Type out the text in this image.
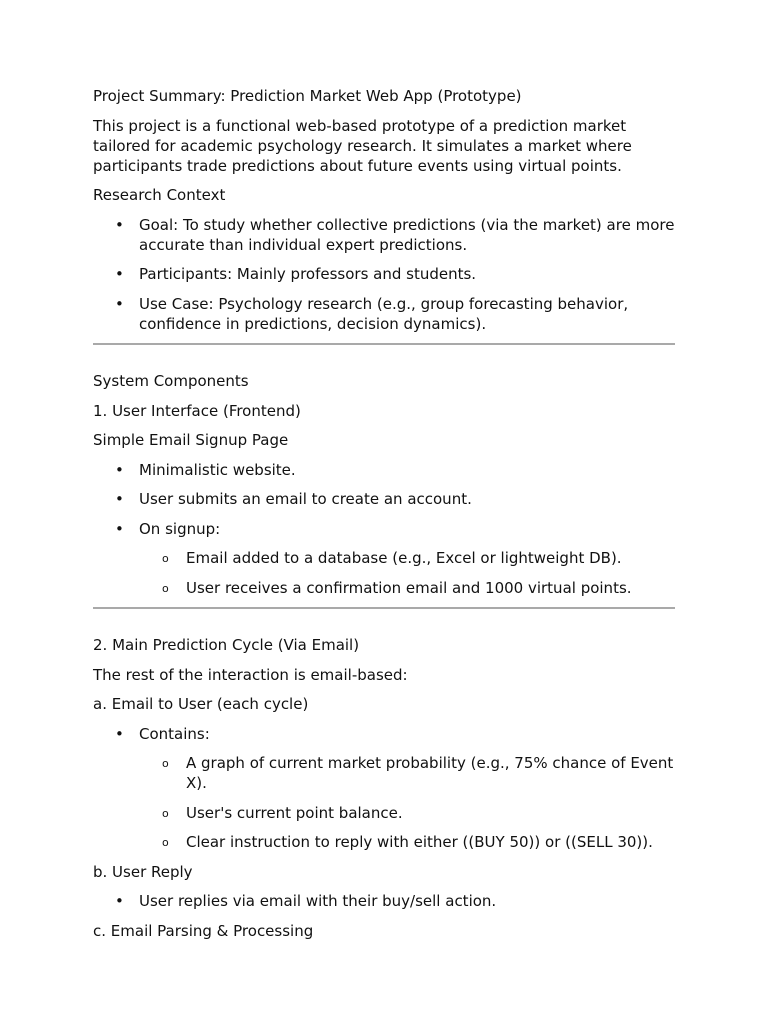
Project Summary: Prediction Market Web App (Prototype)

This project is a functional web-based prototype of a prediction market tailored for academic psychology research. It simulates a market where participants trade predictions about future events using virtual points.

Research Context

• Goal: To study whether collective predictions (via the market) are more accurate than individual expert predictions.
• Participants: Mainly professors and students.
• Use Case: Psychology research (e.g., group forecasting behavior, confidence in predictions, decision dynamics).

System Components

1. User Interface (Frontend)

Simple Email Signup Page

• Minimalistic website.
• User submits an email to create an account.
• On signup:
o Email added to a database (e.g., Excel or lightweight DB).
o User receives a confirmation email and 1000 virtual points.

2. Main Prediction Cycle (Via Email)

The rest of the interaction is email-based:

a. Email to User (each cycle)

• Contains:
o A graph of current market probability (e.g., 75% chance of Event X).
o User's current point balance.
o Clear instruction to reply with either ((BUY 50)) or ((SELL 30)).

b. User Reply

• User replies via email with their buy/sell action.

c. Email Parsing & Processing
